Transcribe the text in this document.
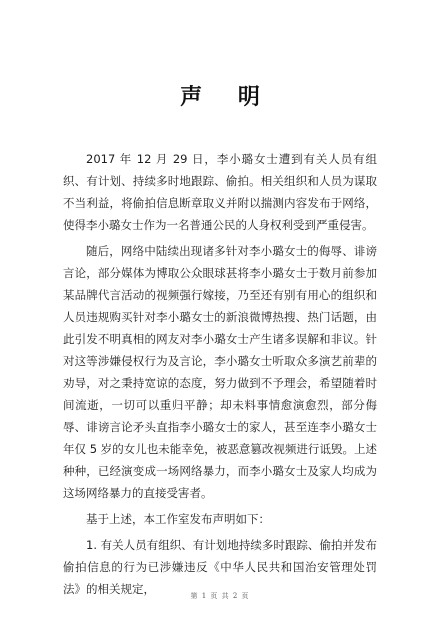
声 明

2017 年 12 月 29 日，李小璐女士遭到有关人员有组织、有计划、持续多时地跟踪、偷拍。相关组织和人员为谋取不当利益，将偷拍信息断章取义并附以揣测内容发布于网络，使得李小璐女士作为一名普通公民的人身权利受到严重侵害。

随后，网络中陆续出现诸多针对李小璐女士的侮辱、诽谤言论，部分媒体为博取公众眼球甚将李小璐女士于数月前参加某品牌代言活动的视频强行嫁接，乃至还有别有用心的组织和人员违规购买针对李小璐女士的新浪微博热搜、热门话题，由此引发不明真相的网友对李小璐女士产生诸多误解和非议。针对这等涉嫌侵权行为及言论，李小璐女士听取众多演艺前辈的劝导，对之秉持宽谅的态度，努力做到不予理会，希望随着时间流逝，一切可以重归平静；却未料事情愈演愈烈，部分侮辱、诽谤言论矛头直指李小璐女士的家人，甚至连李小璐女士年仅 5 岁的女儿也未能幸免，被恶意篡改视频进行诋毁。上述种种，已经演变成一场网络暴力，而李小璐女士及家人均成为这场网络暴力的直接受害者。

基于上述，本工作室发布声明如下：

1. 有关人员有组织、有计划地持续多时跟踪、偷拍并发布偷拍信息的行为已涉嫌违反《中华人民共和国治安管理处罚法》的相关规定，	第 1 页 共 2 页
